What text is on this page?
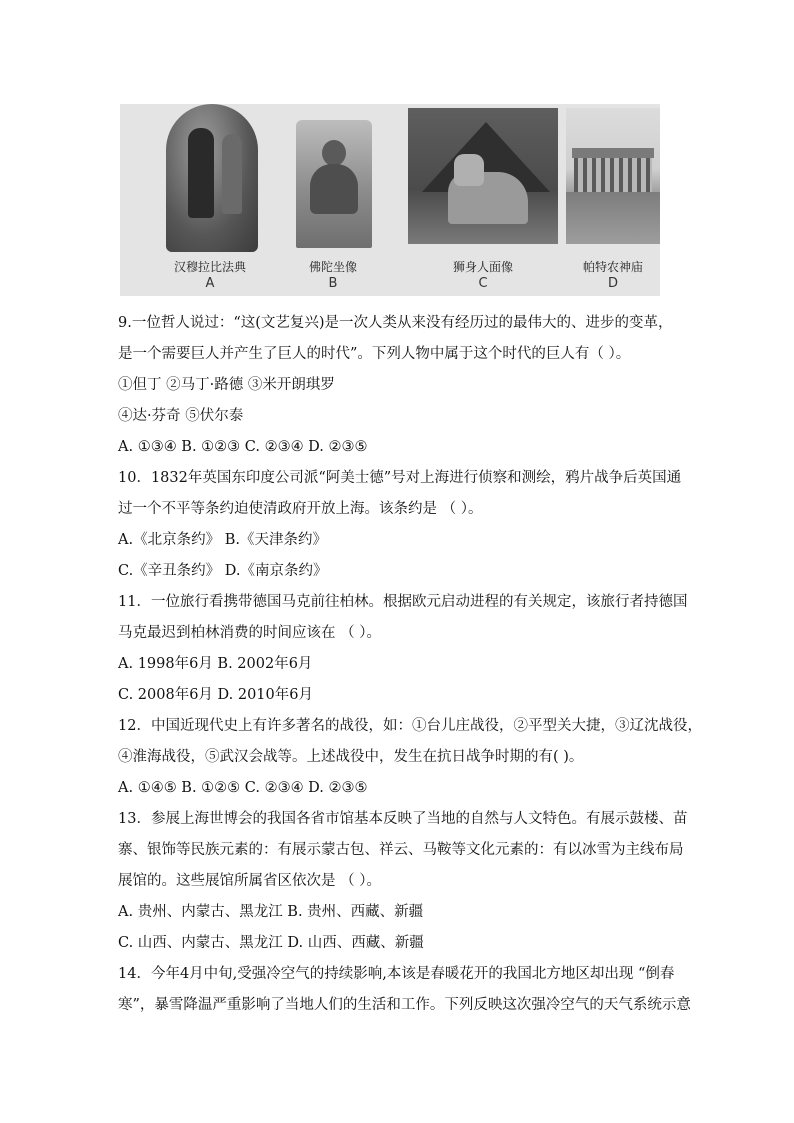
汉穆拉比法典
A
佛陀坐像
B
狮身人面像
C
帕特农神庙
D
9.一位哲人说过：“这(文艺复兴)是一次人类从来没有经历过的最伟大的、进步的变革，
是一个需要巨人并产生了巨人的时代”。下列人物中属于这个时代的巨人有（ ）。
①但丁 ②马丁·路德 ③米开朗琪罗
④达·芬奇 ⑤伏尔泰
A. ①③④ B. ①②③ C. ②③④ D. ②③⑤
10．1832年英国东印度公司派“阿美士德”号对上海进行侦察和测绘，鸦片战争后英国通
过一个不平等条约迫使清政府开放上海。该条约是 （ ）。
A.《北京条约》 B.《天津条约》
C.《辛丑条约》 D.《南京条约》
11．一位旅行看携带德国马克前往柏林。根据欧元启动进程的有关规定，该旅行者持德国
马克最迟到柏林消费的时间应该在 （ ）。
A. 1998年6月 B. 2002年6月
C. 2008年6月 D. 2010年6月
12．中国近现代史上有许多著名的战役，如：①台儿庄战役，②平型关大捷，③辽沈战役，
④淮海战役，⑤武汉会战等。上述战役中，发生在抗日战争时期的有( )。
A. ①④⑤ B. ①②⑤ C. ②③④ D. ②③⑤
13．参展上海世博会的我国各省市馆基本反映了当地的自然与人文特色。有展示鼓楼、苗
寨、银饰等民族元素的：有展示蒙古包、祥云、马鞍等文化元素的：有以冰雪为主线布局
展馆的。这些展馆所属省区依次是 （ ）。
A. 贵州、内蒙古、黑龙江 B. 贵州、西藏、新疆
C. 山西、内蒙古、黑龙江 D. 山西、西藏、新疆
14．今年4月中旬,受强冷空气的持续影响,本该是春暖花开的我国北方地区却出现 “倒春
寒”，暴雪降温严重影响了当地人们的生活和工作。下列反映这次强冷空气的天气系统示意
